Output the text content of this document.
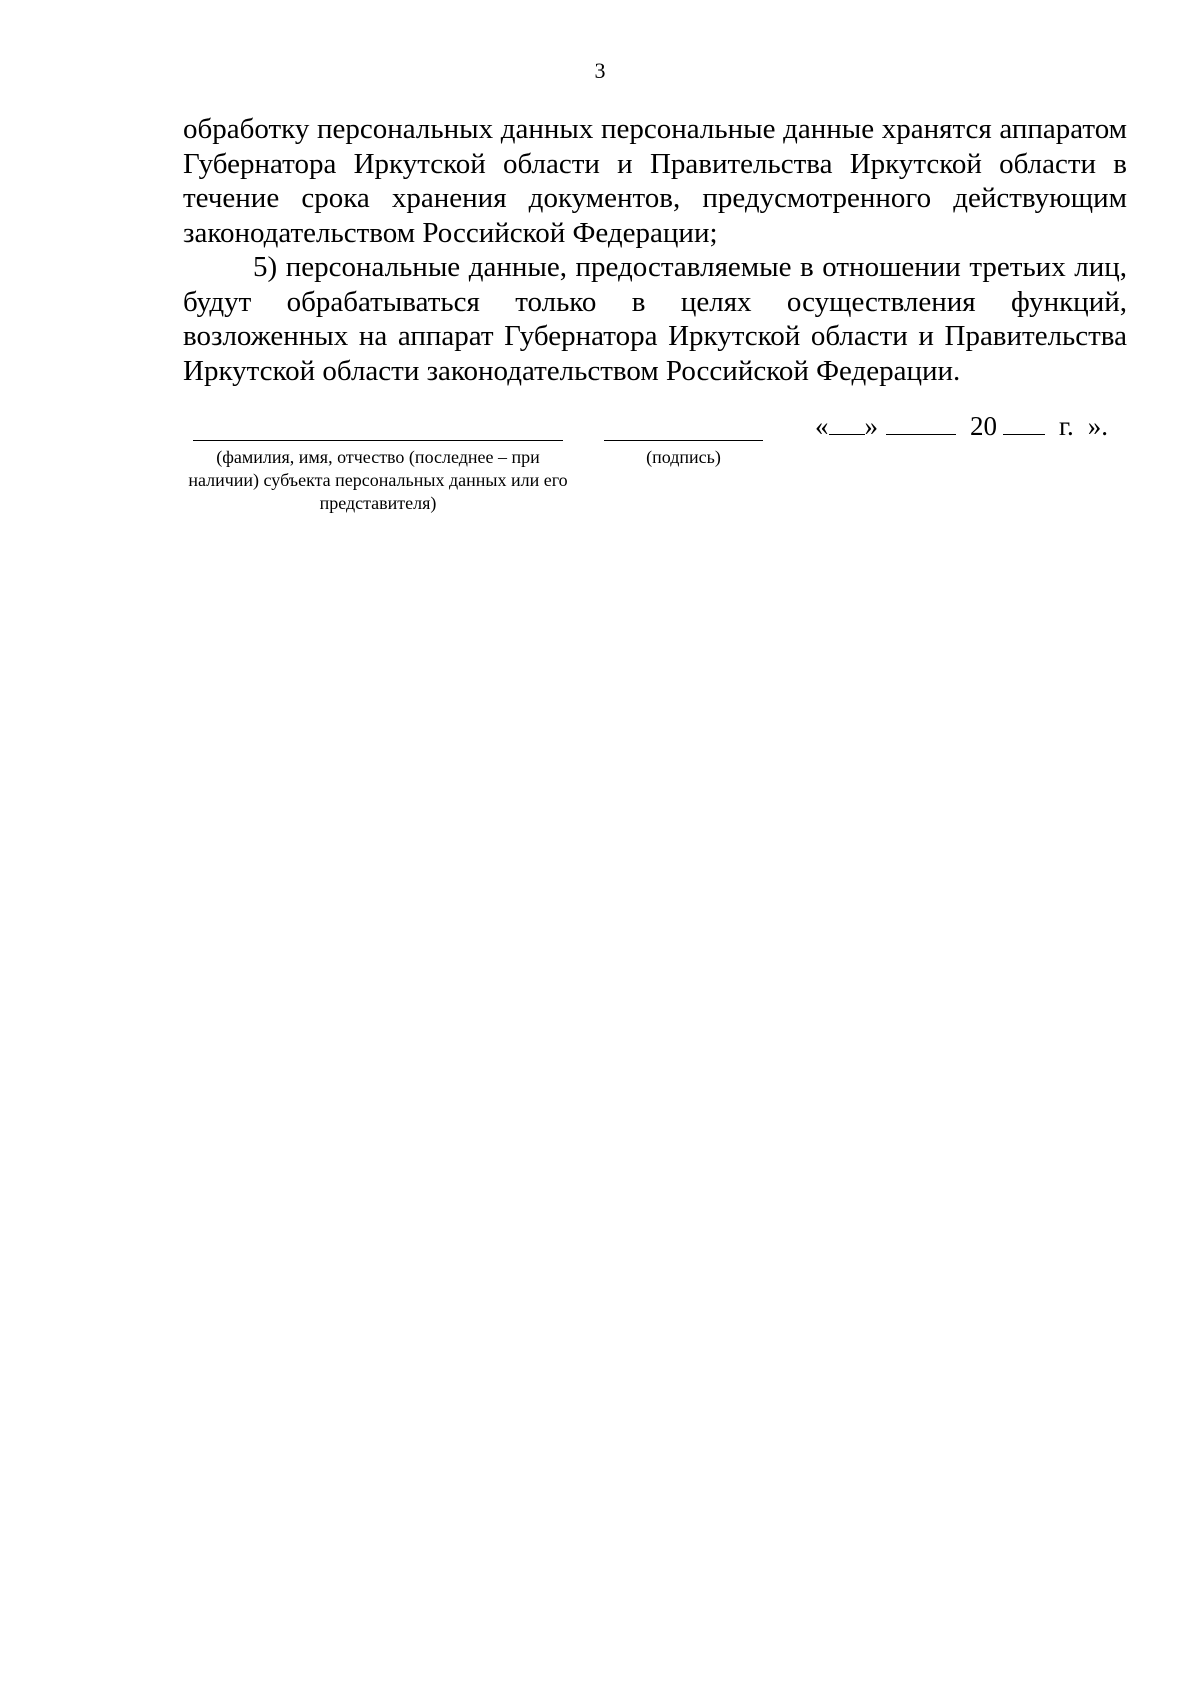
3

обработку персональных данных персональные данные хранятся аппаратом Губернатора Иркутской области и Правительства Иркутской области в течение срока хранения документов, предусмотренного действующим законодательством Российской Федерации;

5) персональные данные, предоставляемые в отношении третьих лиц, будут обрабатываться только в целях осуществления функций, возложенных на аппарат Губернатора Иркутской области и Правительства Иркутской области законодательством Российской Федерации.

(фамилия, имя, отчество (последнее – при наличии) субъекта персональных данных или его представителя)
(подпись)
« »	20 г. ».
